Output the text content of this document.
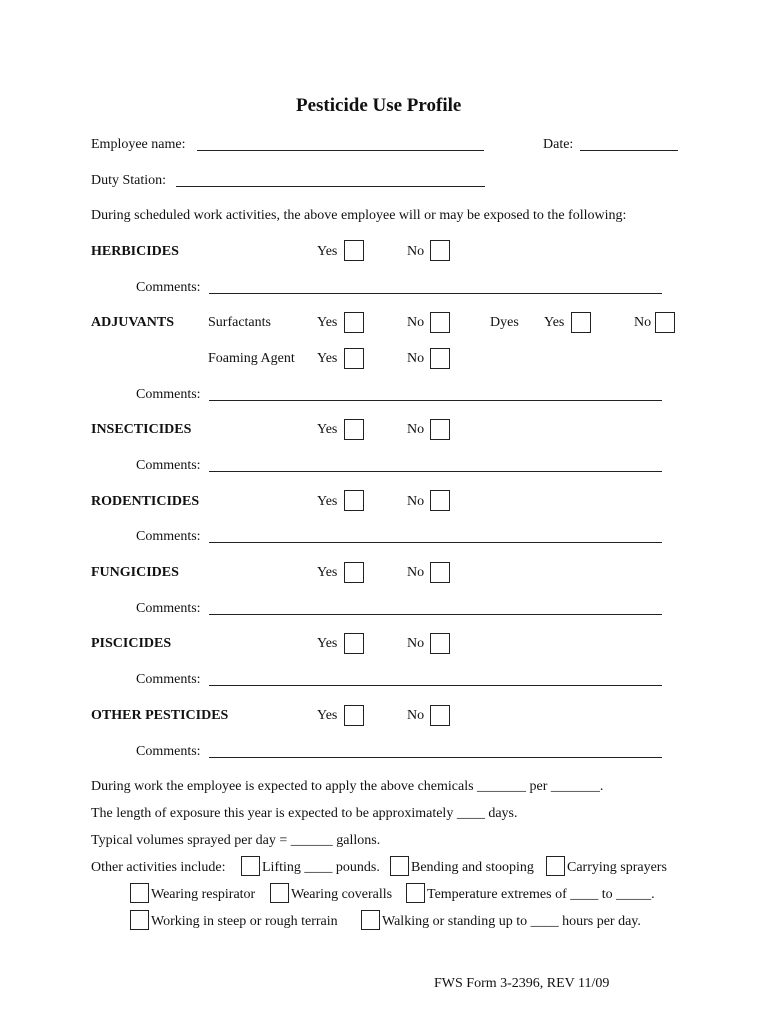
Pesticide Use Profile
Employee name:	Date:
Duty Station:
During scheduled work activities, the above employee will or may be exposed to the following:
HERBICIDES	Yes	No
Comments:
ADJUVANTS Surfactants	Yes	No	Dyes Yes	No
Foaming Agent Yes	No
Comments:
INSECTICIDES	Yes	No
Comments:
RODENTICIDES	Yes	No
Comments:
FUNGICIDES	Yes	No
Comments:
PISCICIDES	Yes	No
Comments:
OTHER PESTICIDES	Yes	No
Comments:
During work the employee is expected to apply the above chemicals _______ per _______.
The length of exposure this year is expected to be approximately ____ days.
Typical volumes sprayed per day = ______ gallons.
Other activities include:	Lifting ____ pounds. Bending and stooping Carrying sprayers
Wearing respirator	Wearing coveralls Temperature extremes of ____ to _____.
Working in steep or rough terrain	Walking or standing up to ____ hours per day.
FWS Form 3-2396, REV 11/09
